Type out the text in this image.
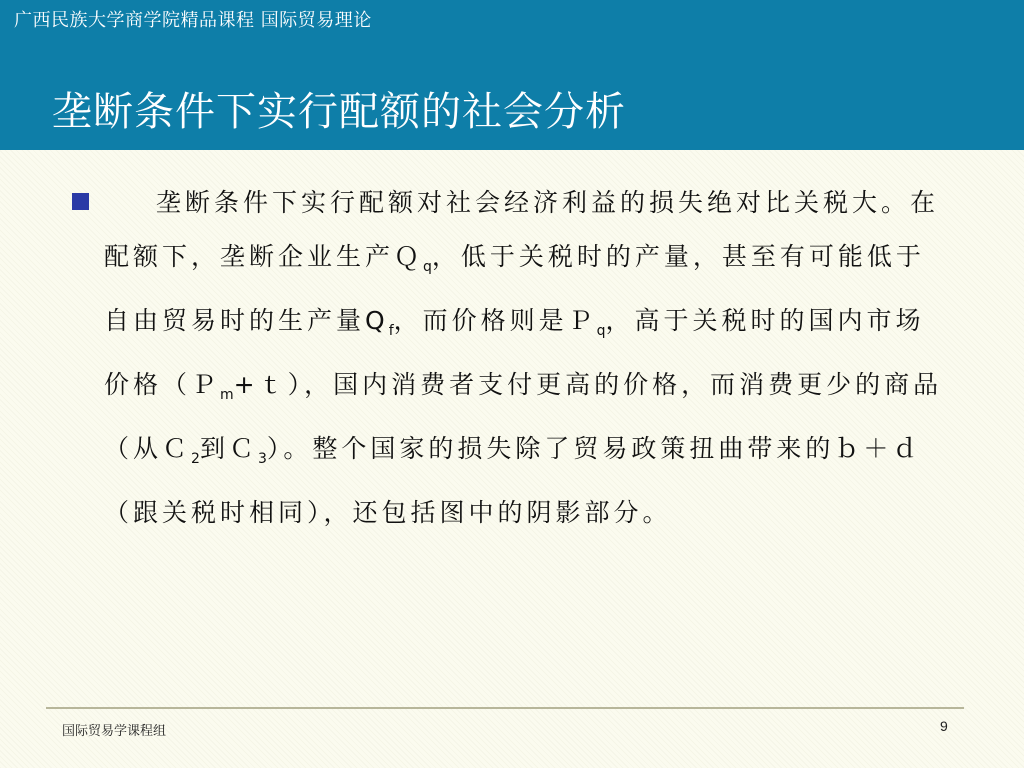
广西民族大学商学院精品课程 国际贸易理论
垄断条件下实行配额的社会分析
垄断条件下实行配额对社会经济利益的损失绝对比关税大。在配额下，垄断企业生产Ｑ$_q$，低于关税时的产量，甚至有可能低于自由贸易时的生产量$Q_f$，而价格则是Ｐ$_q$，高于关税时的国内市场价格（Ｐ$_m$+ｔ），国内消费者支付更高的价格，而消费更少的商品（从Ｃ$_2$到Ｃ$_3$）。整个国家的损失除了贸易政策扭曲带来的ｂ＋ｄ（跟关税时相同），还包括图中的阴影部分。
国际贸易学课程组	9
